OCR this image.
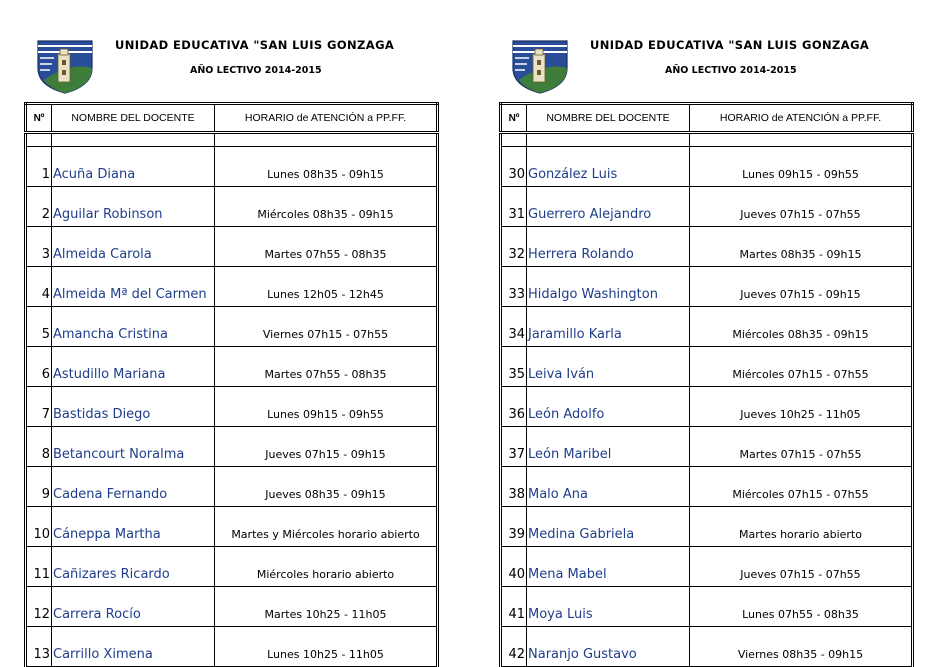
UNIDAD EDUCATIVA "SAN LUIS GONZAGA
AÑO LECTIVO 2014-2015
Nº	NOMBRE DEL DOCENTE	HORARIO de ATENCIÓN a PP.FF.

1	Acuña Diana	Lunes 08h35 - 09h15
2	Aguilar Robinson	Miércoles 08h35 - 09h15
3	Almeida Carola	Martes 07h55 - 08h35
4	Almeida Mª del Carmen	Lunes 12h05 - 12h45
5	Amancha Cristina	Viernes 07h15 - 07h55
6	Astudillo Mariana	Martes 07h55 - 08h35
7	Bastidas Diego	Lunes 09h15 - 09h55
8	Betancourt Noralma	Jueves 07h15 - 09h15
9	Cadena Fernando	Jueves 08h35 - 09h15
10	Cáneppa Martha	Martes y Miércoles horario abierto
11	Cañizares Ricardo	Miércoles horario abierto
12	Carrera Rocío	Martes 10h25 - 11h05
13	Carrillo Ximena	Lunes 10h25 - 11h05
UNIDAD EDUCATIVA "SAN LUIS GONZAGA
AÑO LECTIVO 2014-2015
Nº	NOMBRE DEL DOCENTE	HORARIO de ATENCIÓN a PP.FF.

30	González Luis	Lunes 09h15 - 09h55
31	Guerrero Alejandro	Jueves 07h15 - 07h55
32	Herrera Rolando	Martes 08h35 - 09h15
33	Hidalgo Washington	Jueves 07h15 - 09h15
34	Jaramillo Karla	Miércoles 08h35 - 09h15
35	Leiva Iván	Miércoles 07h15 - 07h55
36	León Adolfo	Jueves 10h25 - 11h05
37	León Maribel	Martes 07h15 - 07h55
38	Malo Ana	Miércoles 07h15 - 07h55
39	Medina Gabriela	Martes horario abierto
40	Mena Mabel	Jueves 07h15 - 07h55
41	Moya Luis	Lunes 07h55 - 08h35
42	Naranjo Gustavo	Viernes 08h35 - 09h15
